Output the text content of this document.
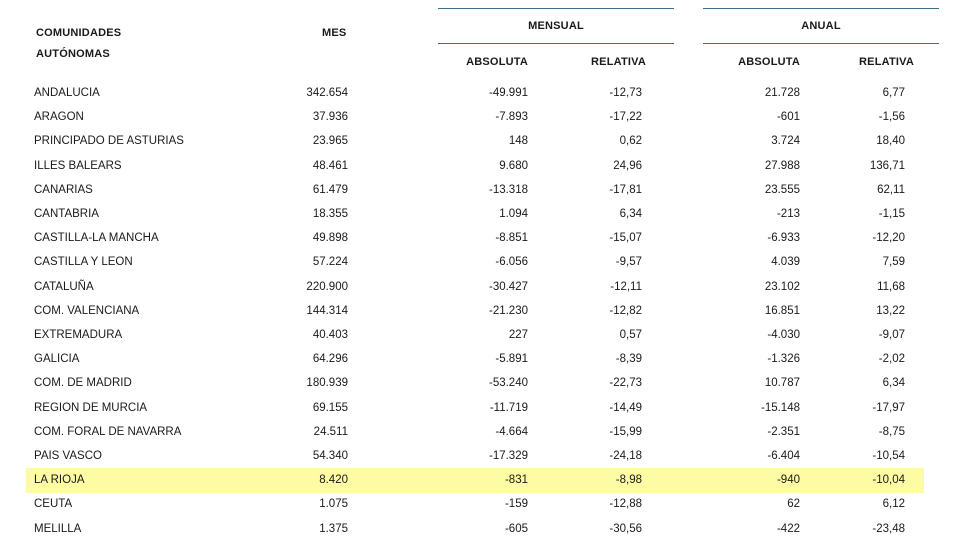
COMUNIDADES
AUTÓNOMAS
MES
MENSUAL	ANUAL
ABSOLUTA	RELATIVA	ABSOLUTA	RELATIVA
ANDALUCIA	342.654	-49.991	-12,73	21.728	6,77
ARAGON	37.936	-7.893	-17,22	-601	-1,56
PRINCIPADO DE ASTURIAS	23.965	148	0,62	3.724	18,40
ILLES BALEARS	48.461	9.680	24,96	27.988	136,71
CANARIAS	61.479	-13.318	-17,81	23.555	62,11
CANTABRIA	18.355	1.094	6,34	-213	-1,15
CASTILLA-LA MANCHA	49.898	-8.851	-15,07	-6.933	-12,20
CASTILLA Y LEON	57.224	-6.056	-9,57	4.039	7,59
CATALUÑA	220.900	-30.427	-12,11	23.102	11,68
COM. VALENCIANA	144.314	-21.230	-12,82	16.851	13,22
EXTREMADURA	40.403	227	0,57	-4.030	-9,07
GALICIA	64.296	-5.891	-8,39	-1.326	-2,02
COM. DE MADRID	180.939	-53.240	-22,73	10.787	6,34
REGION DE MURCIA	69.155	-11.719	-14,49	-15.148	-17,97
COM. FORAL DE NAVARRA	24.511	-4.664	-15,99	-2.351	-8,75
PAIS VASCO	54.340	-17.329	-24,18	-6.404	-10,54
LA RIOJA	8.420	-831	-8,98	-940	-10,04
CEUTA	1.075	-159	-12,88	62	6,12
MELILLA	1.375	-605	-30,56	-422	-23,48
